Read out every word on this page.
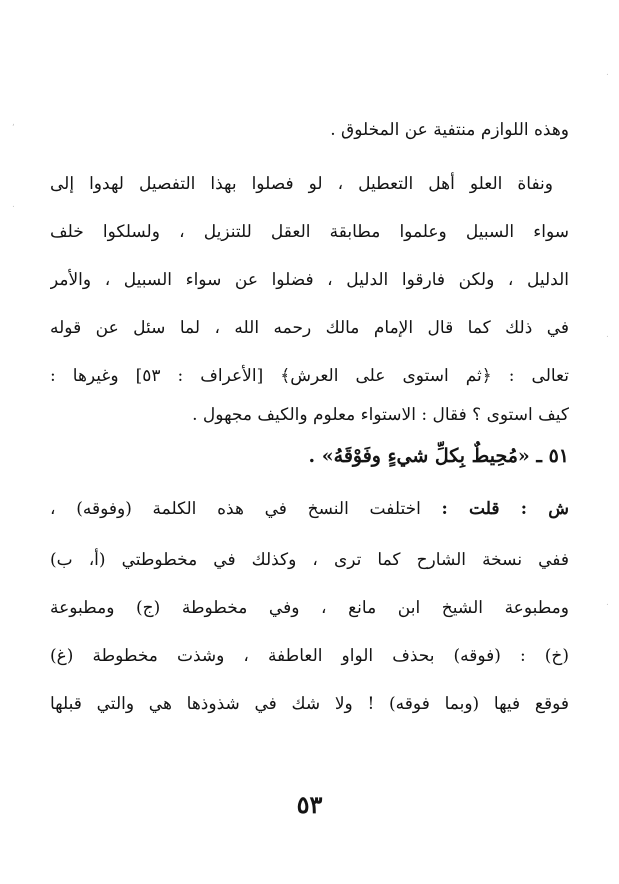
.
.
.
,
.
وهذه اللوازم منتفية عن المخلوق .
ونفاة العلو أهل التعطيل ، لو فصلوا بهذا التفصيل لهدوا إلى
سواء السبيل وعلموا مطابقة العقل للتنزيل ، ولسلكوا خلف
الدليل ، ولكن فارقوا الدليل ، فضلوا عن سواء السبيل ، والأمر
في ذلك كما قال الإمام مالك رحمه الله ، لما سئل عن قوله
تعالى : ﴿ثم استوى على العرش﴾ [الأعراف : ٥٣] وغيرها :
كيف استوى ؟ فقال : الاستواء معلوم والكيف مجهول .
٥١ ـ «مُحِيطٌ بِكلِّ شيءٍ وفَوْقَهُ» .
ش : قلت : اختلفت النسخ في هذه الكلمة (وفوقه) ،
ففي نسخة الشارح كما ترى ، وكذلك في مخطوطتي (أ، ب)
ومطبوعة الشيخ ابن مانع ، وفي مخطوطة (ج) ومطبوعة
(خ) : (فوقه) بحذف الواو العاطفة ، وشذت مخطوطة (غ)
فوقع فيها (وبما فوقه) ! ولا شك في شذوذها هي والتي قبلها
٥٣
